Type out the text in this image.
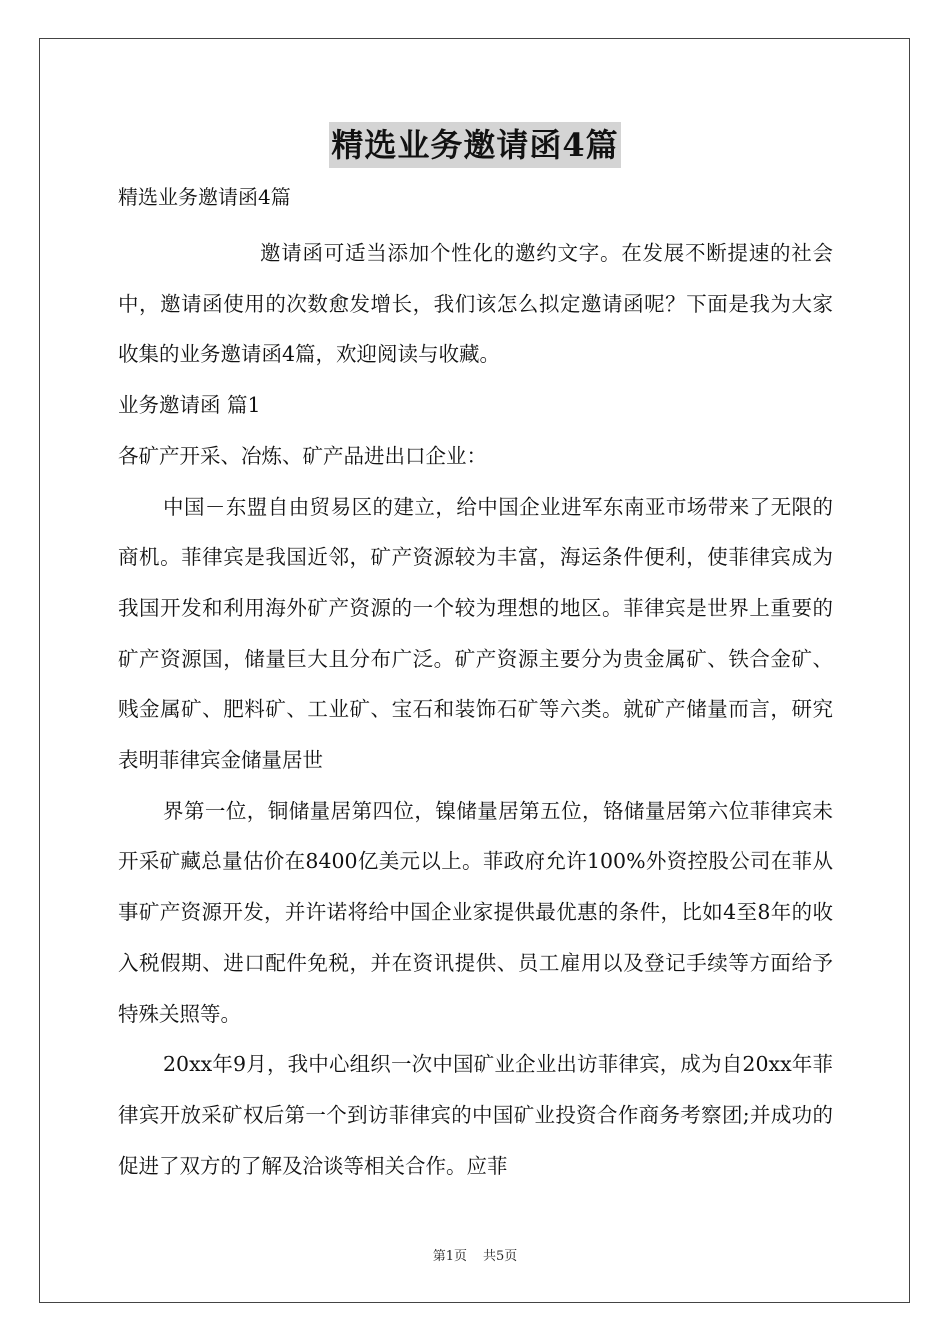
精选业务邀请函4篇
精选业务邀请函4篇

邀请函可适当添加个性化的邀约文字。在发展不断提速的社会中，邀请函使用的次数愈发增长，我们该怎么拟定邀请函呢？下面是我为大家收集的业务邀请函4篇，欢迎阅读与收藏。

业务邀请函 篇1

各矿产开采、冶炼、矿产品进出口企业：

中国－东盟自由贸易区的建立，给中国企业进军东南亚市场带来了无限的商机。菲律宾是我国近邻，矿产资源较为丰富，海运条件便利，使菲律宾成为我国开发和利用海外矿产资源的一个较为理想的地区。菲律宾是世界上重要的矿产资源国，储量巨大且分布广泛。矿产资源主要分为贵金属矿、铁合金矿、贱金属矿、肥料矿、工业矿、宝石和装饰石矿等六类。就矿产储量而言，研究表明菲律宾金储量居世

界第一位，铜储量居第四位，镍储量居第五位，铬储量居第六位菲律宾未开采矿藏总量估价在8400亿美元以上。菲政府允许100%外资控股公司在菲从事矿产资源开发，并许诺将给中国企业家提供最优惠的条件，比如4至8年的收入税假期、进口配件免税，并在资讯提供、员工雇用以及登记手续等方面给予特殊关照等。

20xx年9月，我中心组织一次中国矿业企业出访菲律宾，成为自20xx年菲律宾开放采矿权后第一个到访菲律宾的中国矿业投资合作商务考察团;并成功的促进了双方的了解及洽谈等相关合作。应菲

第1页 共5页
